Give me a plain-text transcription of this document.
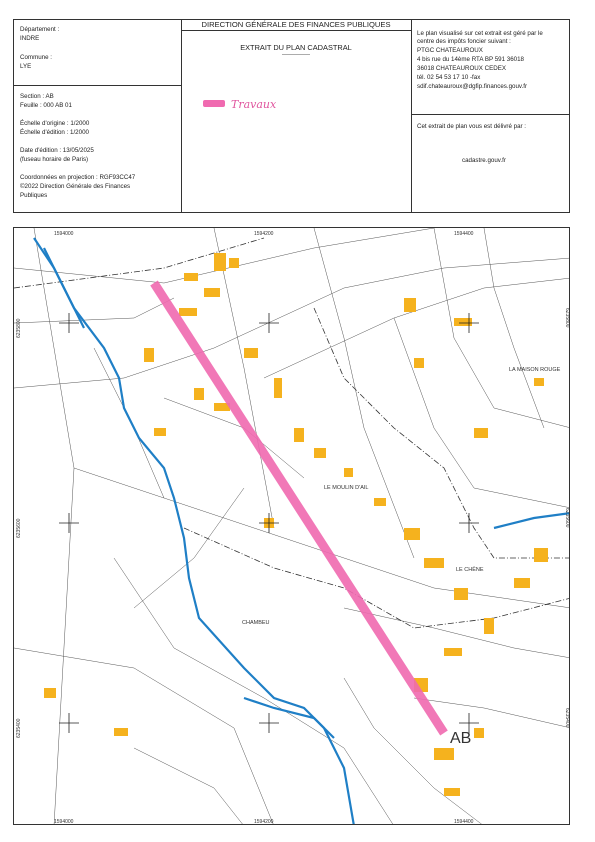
Département :
INDRE
Commune :
LYE
Section : AB
Feuille : 000 AB 01
Échelle d'origine : 1/2000
Échelle d'édition : 1/2000
Date d'édition : 13/05/2025
(fuseau horaire de Paris)
Coordonnées en projection : RGF93CC47
©2022 Direction Générale des Finances
Publiques
DIRECTION GÉNÉRALE DES FINANCES PUBLIQUES
EXTRAIT DU PLAN CADASTRAL
--------------
Travaux
Le plan visualisé sur cet extrait est géré par le
centre des impôts foncier suivant :
PTGC CHATEAUROUX
4 bis rue du 14ème RTA BP 591 36018
36018 CHATEAUROUX CEDEX
tél. 02 54 53 17 10 -fax
sdif.chateauroux@dgfip.finances.gouv.fr
Cet extrait de plan vous est délivré par :
cadastre.gouv.fr
1594000	1594200	1594400
1594000	1594200	1594400
6235800
6235600
6235400
6235800
6235600
6235400
LE MOULIN D'AIL
CHAMBEU
LA MAISON ROUGE
LE CHÊNE
AB
